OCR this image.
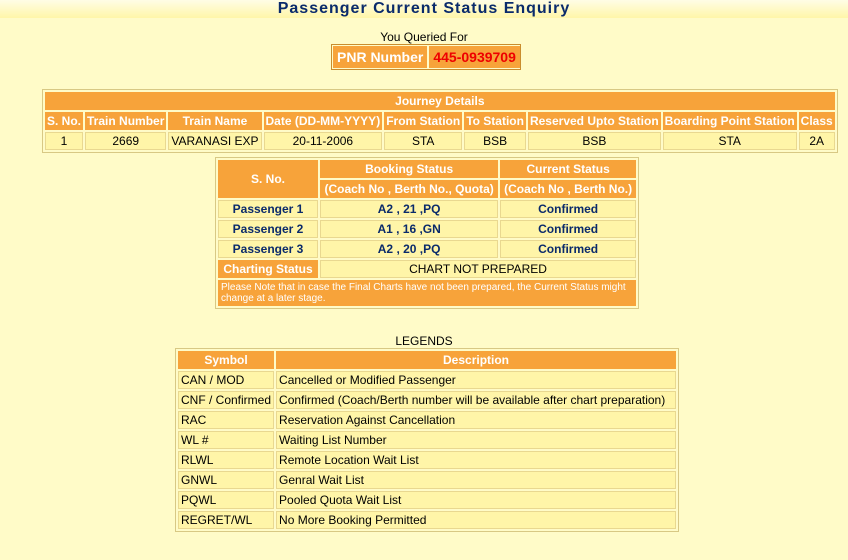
Passenger Current Status Enquiry
You Queried For
PNR Number 445-0939709
Journey Details								
S. No.	Train Number	Train Name	Date (DD-MM-YYYY)	From Station	To Station	Reserved Upto Station	Boarding Point Station	Class
1	2669	VARANASI EXP	20-11-2006	STA	BSB	BSB	STA	2A
S. No.	Booking Status	Current Status
	(Coach No , Berth No., Quota)	(Coach No , Berth No.)
Passenger 1	A2 , 21 ,PQ	Confirmed
Passenger 2	A1 , 16 ,GN	Confirmed
Passenger 3	A2 , 20 ,PQ	Confirmed
Charting Status	CHART NOT PREPARED	
Please Note that in case the Final Charts have not been prepared, the Current Status might change at a later stage.		
LEGENDS
Symbol	Description
CAN / MOD	Cancelled or Modified Passenger
CNF / Confirmed	Confirmed (Coach/Berth number will be available after chart preparation)
RAC	Reservation Against Cancellation
WL #	Waiting List Number
RLWL	Remote Location Wait List
GNWL	Genral Wait List
PQWL	Pooled Quota Wait List
REGRET/WL	No More Booking Permitted
